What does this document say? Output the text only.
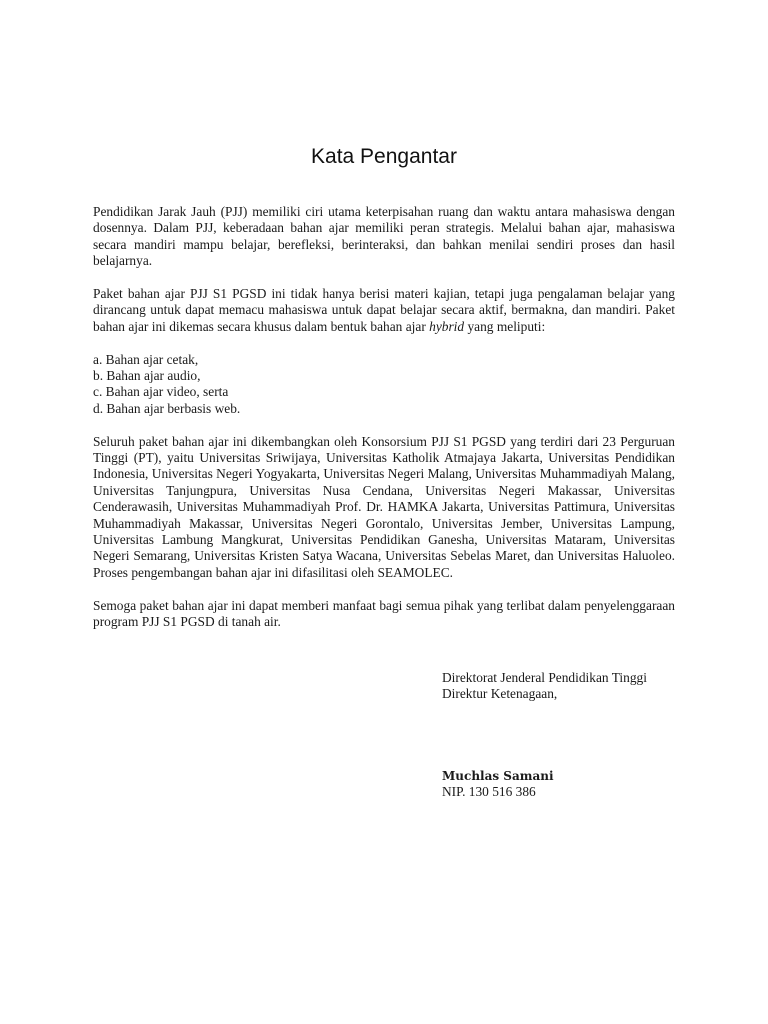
Kata Pengantar

Pendidikan Jarak Jauh (PJJ) memiliki ciri utama keterpisahan ruang dan waktu antara mahasiswa dengan dosennya. Dalam PJJ, keberadaan bahan ajar memiliki peran strategis. Melalui bahan ajar, mahasiswa secara mandiri mampu belajar, berefleksi, berinteraksi, dan bahkan menilai sendiri proses dan hasil belajarnya.

Paket bahan ajar PJJ S1 PGSD ini tidak hanya berisi materi kajian, tetapi juga pengalaman belajar yang dirancang untuk dapat memacu mahasiswa untuk dapat belajar secara aktif, bermakna, dan mandiri. Paket bahan ajar ini dikemas secara khusus dalam bentuk bahan ajar hybrid yang meliputi:

a. Bahan ajar cetak,
b. Bahan ajar audio,
c. Bahan ajar video, serta
d. Bahan ajar berbasis web.

Seluruh paket bahan ajar ini dikembangkan oleh Konsorsium PJJ S1 PGSD yang terdiri dari 23 Perguruan Tinggi (PT), yaitu Universitas Sriwijaya, Universitas Katholik Atmajaya Jakarta, Universitas Pendidikan Indonesia, Universitas Negeri Yogyakarta, Universitas Negeri Malang, Universitas Muhammadiyah Malang, Universitas Tanjungpura, Universitas Nusa Cendana, Universitas Negeri Makassar, Universitas Cenderawasih, Universitas Muhammadiyah Prof. Dr. HAMKA Jakarta, Universitas Pattimura, Universitas Muhammadiyah Makassar, Universitas Negeri Gorontalo, Universitas Jember, Universitas Lampung, Universitas Lambung Mangkurat, Universitas Pendidikan Ganesha, Universitas Mataram, Universitas Negeri Semarang, Universitas Kristen Satya Wacana, Universitas Sebelas Maret, dan Universitas Haluoleo. Proses pengembangan bahan ajar ini difasilitasi oleh SEAMOLEC.

Semoga paket bahan ajar ini dapat memberi manfaat bagi semua pihak yang terlibat dalam penyelenggaraan program PJJ S1 PGSD di tanah air.

Direktorat Jenderal Pendidikan Tinggi
Direktur Ketenagaan,
Muchlas Samani
NIP. 130 516 386
